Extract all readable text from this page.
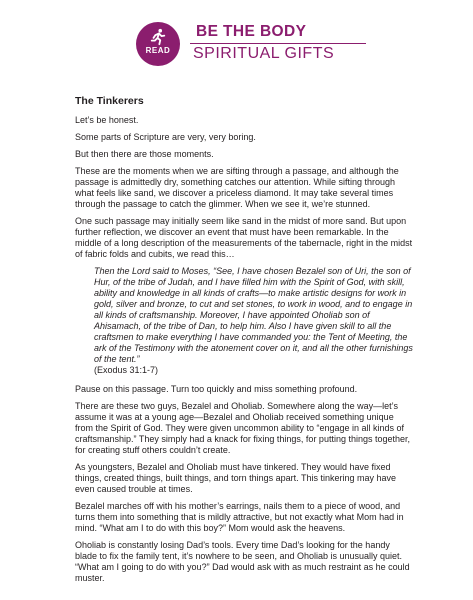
READ
BE THE BODY
SPIRITUAL GIFTS
The Tinkerers

Let’s be honest.

Some parts of Scripture are very, very boring.

But then there are those moments.

These are the moments when we are sifting through a passage, and although the passage is admittedly dry, something catches our attention. While sifting through what feels like sand, we discover a priceless diamond. It may take several times through the passage to catch the glimmer. When we see it, we’re stunned.

One such passage may initially seem like sand in the midst of more sand. But upon further reflection, we discover an event that must have been remarkable. In the middle of a long description of the measurements of the tabernacle, right in the midst of fabric folds and cubits, we read this…

Then the Lord said to Moses, “See, I have chosen Bezalel son of Uri, the son of Hur, of the tribe of Judah, and I have filled him with the Spirit of God, with skill, ability and knowledge in all kinds of crafts—to make artistic designs for work in gold, silver and bronze, to cut and set stones, to work in wood, and to engage in all kinds of craftsmanship. Moreover, I have appointed Oholiab son of Ahisamach, of the tribe of Dan, to help him. Also I have given skill to all the craftsmen to make everything I have commanded you: the Tent of Meeting, the ark of the Testimony with the atonement cover on it, and all the other furnishings of the tent.”
(Exodus 31:1-7)

Pause on this passage. Turn too quickly and miss something profound.

There are these two guys, Bezalel and Oholiab. Somewhere along the way—let’s assume it was at a young age—Bezalel and Oholiab received something unique from the Spirit of God. They were given uncommon ability to “engage in all kinds of craftsmanship.” They simply had a knack for fixing things, for putting things together, for creating stuff others couldn’t create.

As youngsters, Bezalel and Oholiab must have tinkered. They would have fixed things, created things, built things, and torn things apart. This tinkering may have even caused trouble at times.

Bezalel marches off with his mother’s earrings, nails them to a piece of wood, and turns them into something that is mildly attractive, but not exactly what Mom had in mind. “What am I to do with this boy?” Mom would ask the heavens.

Oholiab is constantly losing Dad’s tools. Every time Dad’s looking for the handy blade to fix the family tent, it’s nowhere to be seen, and Oholiab is unusually quiet. “What am I going to do with you?” Dad would ask with as much restraint as he could muster.
